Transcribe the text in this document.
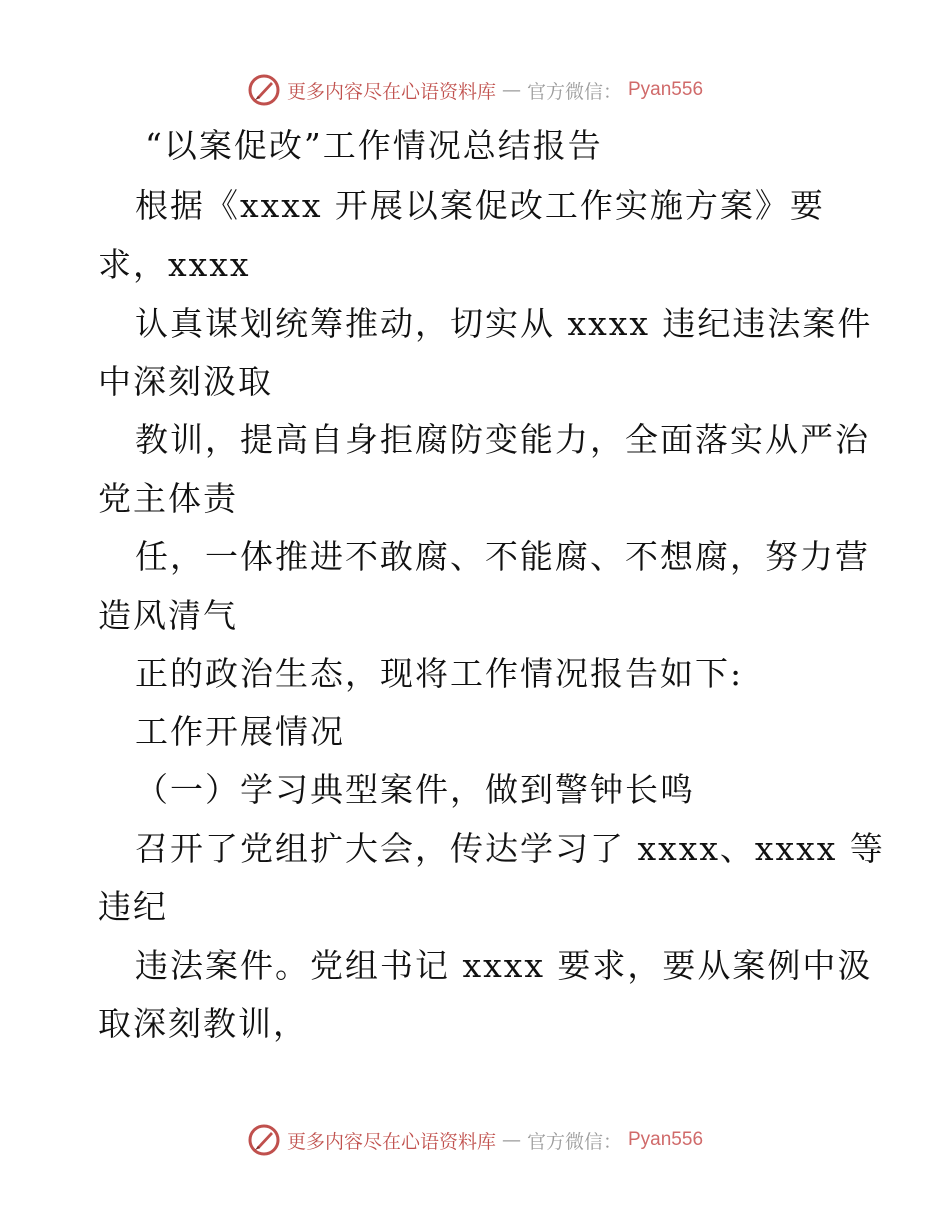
更多内容尽在心语资料库 — 官方微信： Pyan556
“以案促改”工作情况总结报告
根据《xxxx 开展以案促改工作实施方案》要
求，xxxx
认真谋划统筹推动，切实从 xxxx 违纪违法案件
中深刻汲取
教训，提高自身拒腐防变能力，全面落实从严治
党主体责
任，一体推进不敢腐、不能腐、不想腐，努力营
造风清气
正的政治生态，现将工作情况报告如下:
工作开展情况
（一）学习典型案件，做到警钟长鸣
召开了党组扩大会，传达学习了 xxxx、xxxx 等
违纪
违法案件。党组书记 xxxx 要求，要从案例中汲
取深刻教训，
更多内容尽在心语资料库 — 官方微信： Pyan556
